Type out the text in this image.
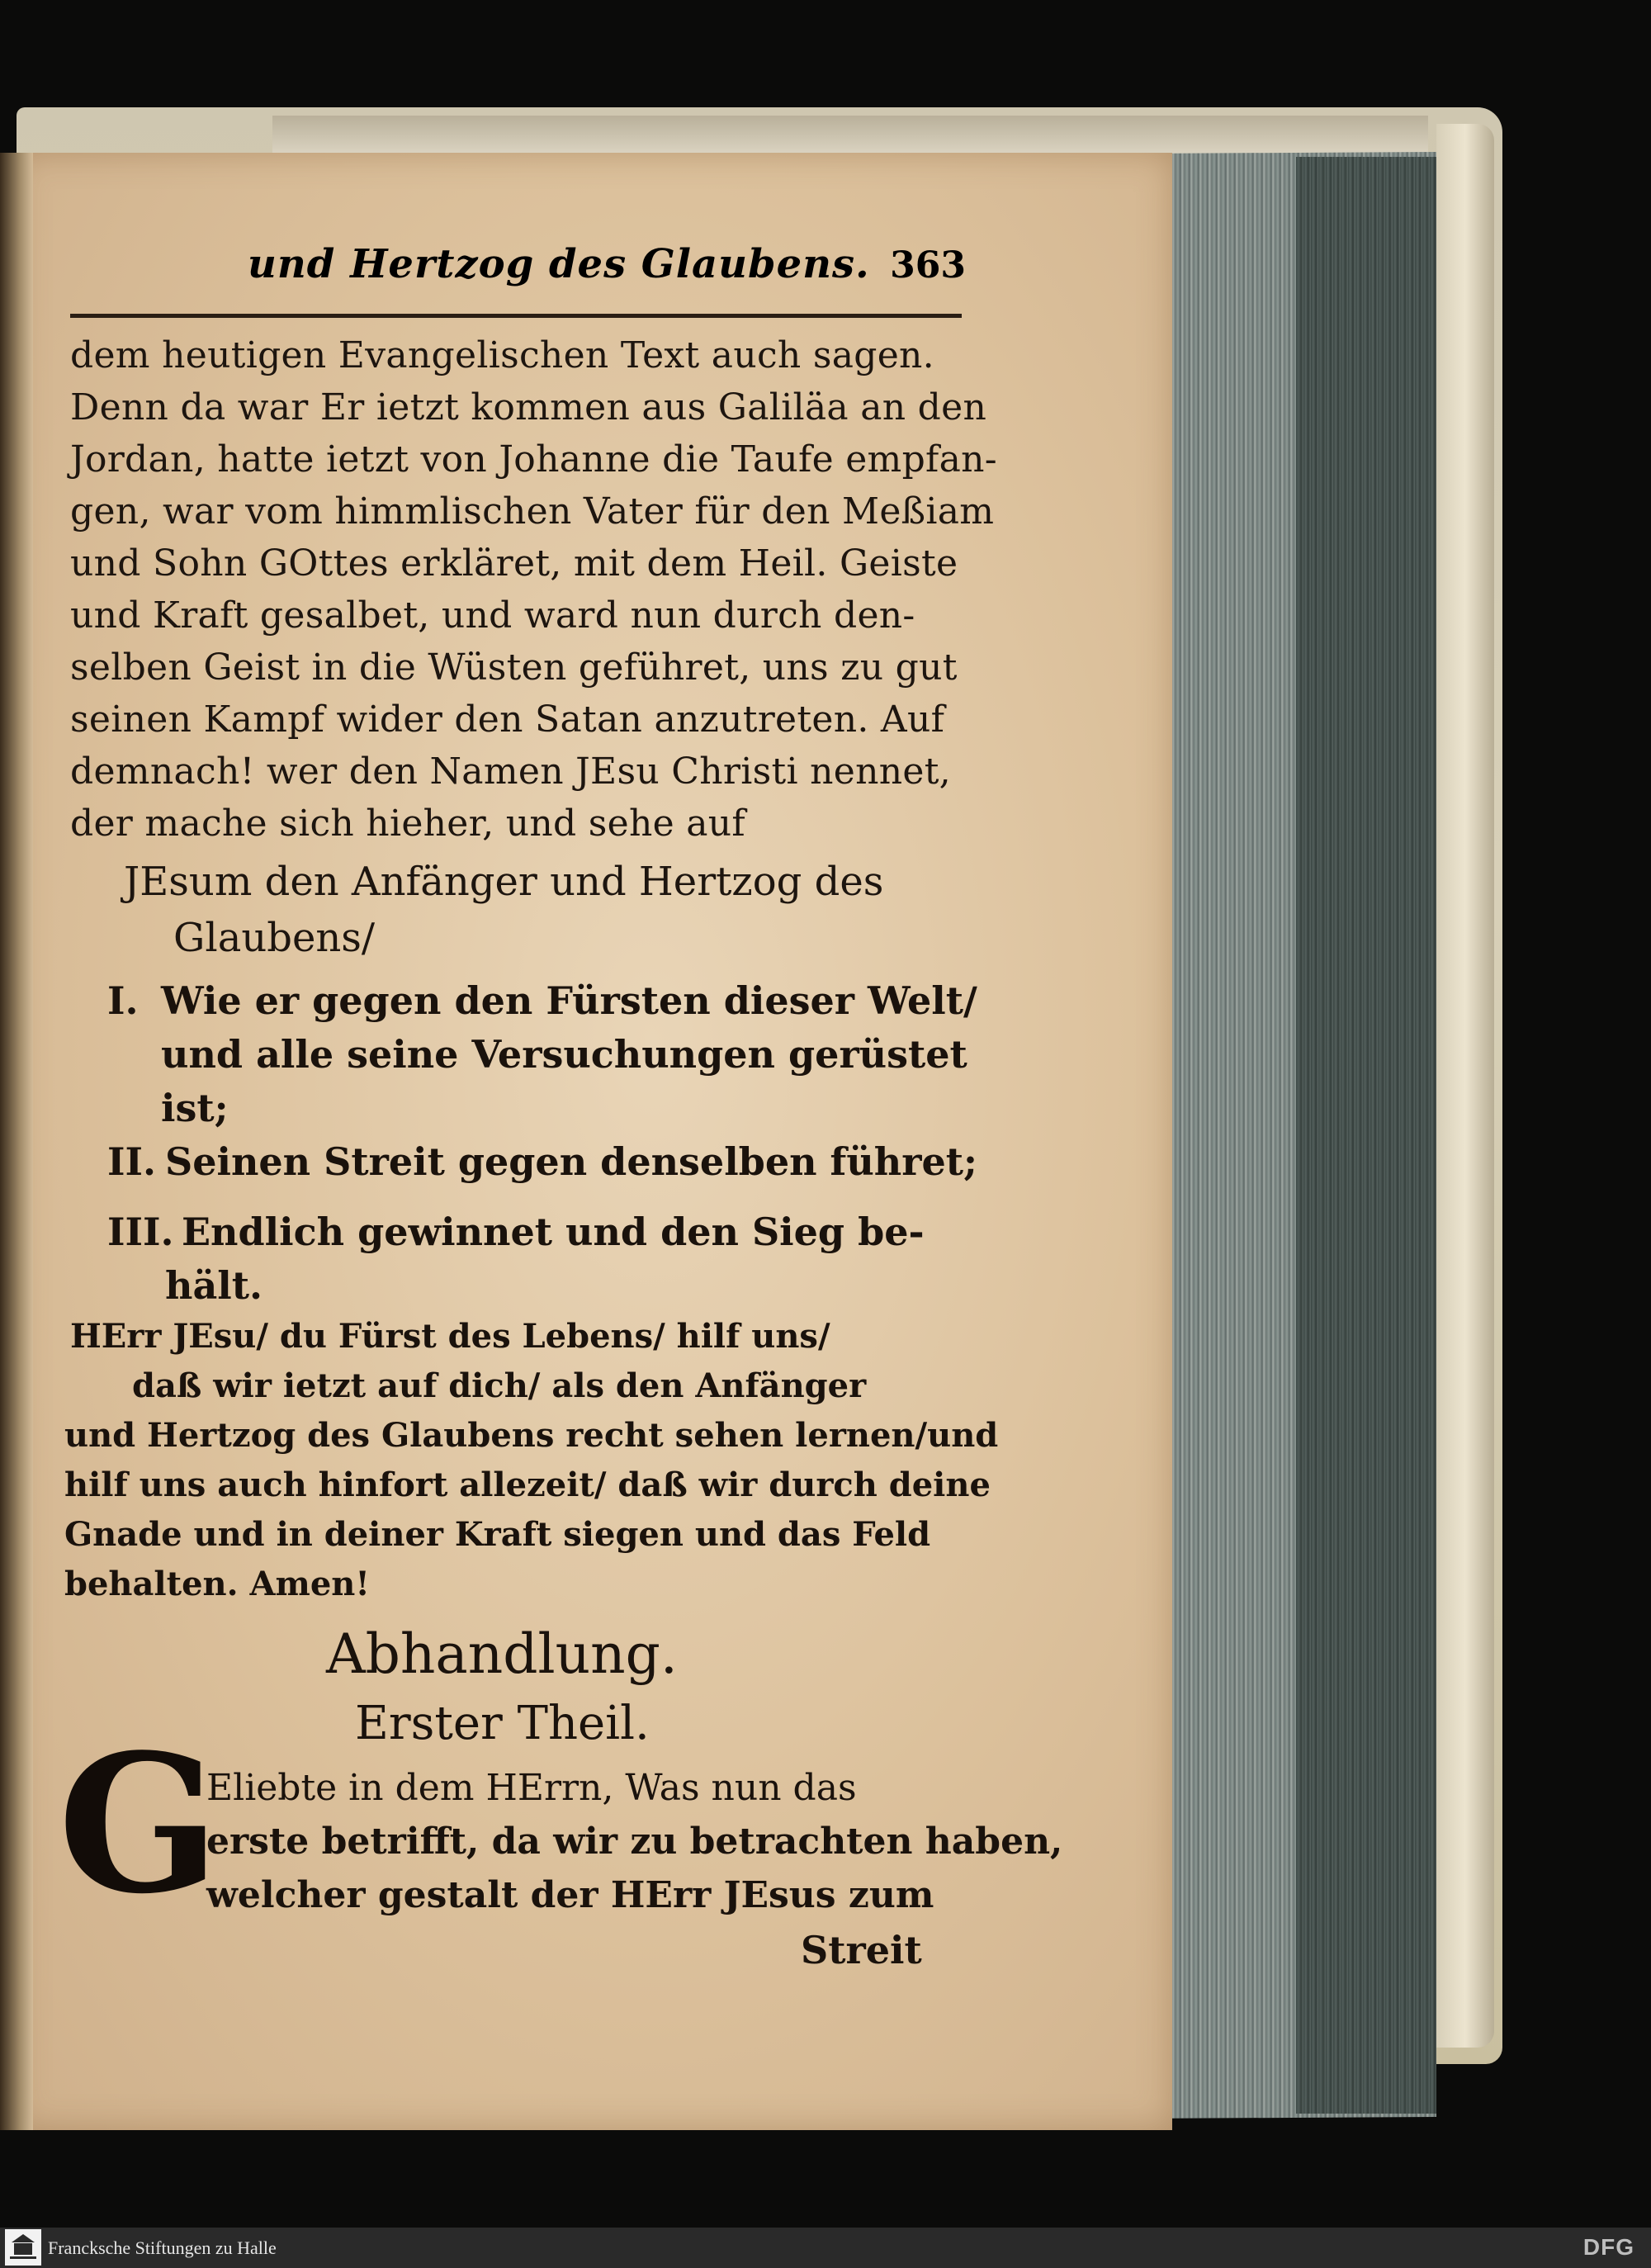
und Hertzog des Glaubens. 363
dem heutigen Evangelischen Text auch sagen.
Denn da war Er ietzt kommen aus Galiläa an den
Jordan, hatte ietzt von Johanne die Taufe empfan-
gen, war vom himmlischen Vater für den Meßiam
und Sohn GOttes erkläret, mit dem Heil. Geiste
und Kraft gesalbet, und ward nun durch den-
selben Geist in die Wüsten geführet, uns zu gut
seinen Kampf wider den Satan anzutreten. Auf
demnach! wer den Namen JEsu Christi nennet,
der mache sich hieher, und sehe auf
JEsum den Anfänger und Hertzog des
Glaubens/
I. Wie er gegen den Fürsten dieser Welt/
und alle seine Versuchungen gerüstet
ist;
II. Seinen Streit gegen denselben führet;
III. Endlich gewinnet und den Sieg be-
hält.
HErr JEsu/ du Fürst des Lebens/ hilf uns/
daß wir ietzt auf dich/ als den Anfänger
und Hertzog des Glaubens recht sehen lernen/und
hilf uns auch hinfort allezeit/ daß wir durch deine
Gnade und in deiner Kraft siegen und das Feld
behalten. Amen!
Abhandlung.
Erster Theil.
G
Eliebte in dem HErrn, Was nun das
erste betrifft, da wir zu betrachten haben,
welcher gestalt der HErr JEsus zum
Streit
Francksche Stiftungen zu Halle	DFG
